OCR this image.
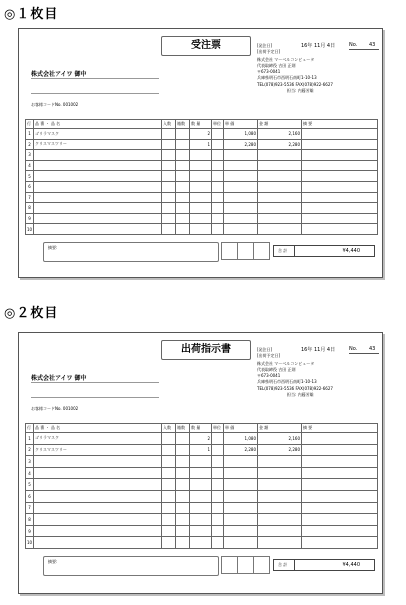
◎１枚目
◎２枚目
受注票
株式会社アイワ 御中
お客様コードNo. 001002
[発注日]
[出荷予定日]
株式会社 マーベルコンピュータ
代表取締役 吉田 正則
〒673-0041
兵庫県明石市西明石南町1-10-13
TEL(078)923-5536 FAX(078)922-6627
担当: 内藤芳雄
16年 11月 4日	No. 43
行	品 番 ・ 品 名	入数	箱数	数 量	単位	単 価	金 額	摘 要
1	ゴリラマスク			2		1,080	2,160	
2	クリスマスツリー			1		2,280	2,280	
3								
4								
5								
6								
7								
8								
9								
10								
摘要:
合 計	¥4,440
出荷指示書
株式会社アイワ 御中
お客様コードNo. 001002
[発注日]
[出荷予定日]
株式会社 マーベルコンピュータ
代表取締役 吉田 正則
〒673-0041
兵庫県明石市西明石南町1-10-13
TEL(078)923-5536 FAX(078)922-6627
担当: 内藤芳雄
16年 11月 4日	No. 43
行	品 番 ・ 品 名	入数	箱数	数 量	単位	単 価	金 額	摘 要
1	ゴリラマスク			2		1,080	2,160	
2	クリスマスツリー			1		2,280	2,280	
3								
4								
5								
6								
7								
8								
9								
10								
摘要:
合 計	¥4,440
